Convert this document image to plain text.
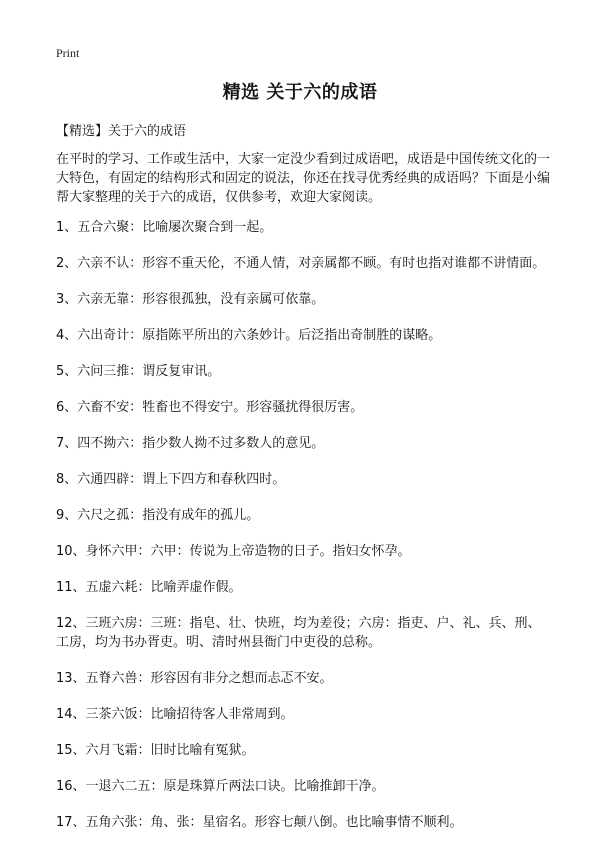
Print
精选 关于六的成语
【精选】关于六的成语
在平时的学习、工作或生活中，大家一定没少看到过成语吧，成语是中国传统文化的一大特色，有固定的结构形式和固定的说法，你还在找寻优秀经典的成语吗？下面是小编帮大家整理的关于六的成语，仅供参考，欢迎大家阅读。
1、五合六聚：比喻屡次聚合到一起。
2、六亲不认：形容不重天伦，不通人情，对亲属都不顾。有时也指对谁都不讲情面。
3、六亲无靠：形容很孤独，没有亲属可依靠。
4、六出奇计：原指陈平所出的六条妙计。后泛指出奇制胜的谋略。
5、六问三推：谓反复审讯。
6、六畜不安：牲畜也不得安宁。形容骚扰得很厉害。
7、四不拗六：指少数人拗不过多数人的意见。
8、六通四辟：谓上下四方和春秋四时。
9、六尺之孤：指没有成年的孤儿。
10、身怀六甲：六甲：传说为上帝造物的日子。指妇女怀孕。
11、五虚六耗：比喻弄虚作假。
12、三班六房：三班：指皂、壮、快班，均为差役；六房：指吏、户、礼、兵、刑、工房，均为书办胥吏。明、清时州县衙门中吏役的总称。
13、五脊六兽：形容因有非分之想而忐忑不安。
14、三茶六饭：比喻招待客人非常周到。
15、六月飞霜：旧时比喻有冤狱。
16、一退六二五：原是珠算斤两法口诀。比喻推卸干净。
17、五角六张：角、张：星宿名。形容七颠八倒。也比喻事情不顺利。
